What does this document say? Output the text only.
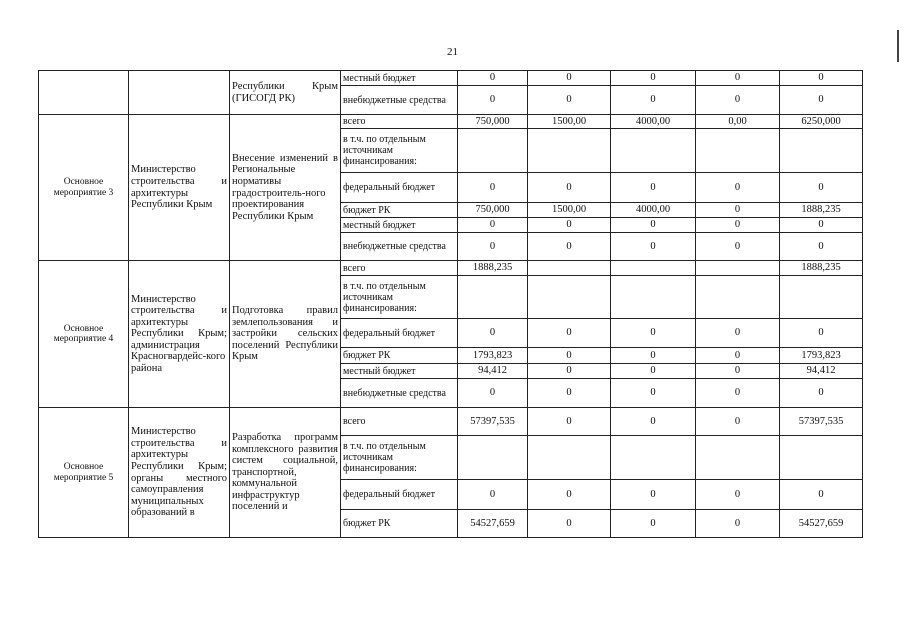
21
		Республики Крым (ГИСОГД РК)	местный бюджет	0	0	0	0	0
			внебюджетные средства	0	0	0	0	0
Основное мероприятие 3	Министерство строительства и архитектуры Республики Крым	Внесение изменений в Региональные нормативы градостроитель-ного проектирования Республики Крым	всего	750,000	1500,00	4000,00	0,00	6250,000
			в т.ч. по отдельным источникам финансирования:					
			федеральный бюджет	0	0	0	0	0
			бюджет РК	750,000	1500,00	4000,00	0	1888,235
			местный бюджет	0	0	0	0	0
			внебюджетные средства	0	0	0	0	0
Основное мероприятие 4	Министерство строительства и архитектуры Республики Крым; администрация Красногвардейс-кого района	Подготовка правил землепользования и застройки сельских поселений Республики Крым	всего	1888,235				1888,235
			в т.ч. по отдельным источникам финансирования:					
			федеральный бюджет	0	0	0	0	0
			бюджет РК	1793,823	0	0	0	1793,823
			местный бюджет	94,412	0	0	0	94,412
			внебюджетные средства	0	0	0	0	0
Основное мероприятие 5	Министерство строительства и архитектуры Республики Крым; органы местного самоуправления муниципальных образований в	Разработка программ комплексного развития систем социальной, транспортной, коммунальной инфраструктур поселений и	всего	57397,535	0	0	0	57397,535
			в т.ч. по отдельным источникам финансирования:					
			федеральный бюджет	0	0	0	0	0
			бюджет РК	54527,659	0	0	0	54527,659
